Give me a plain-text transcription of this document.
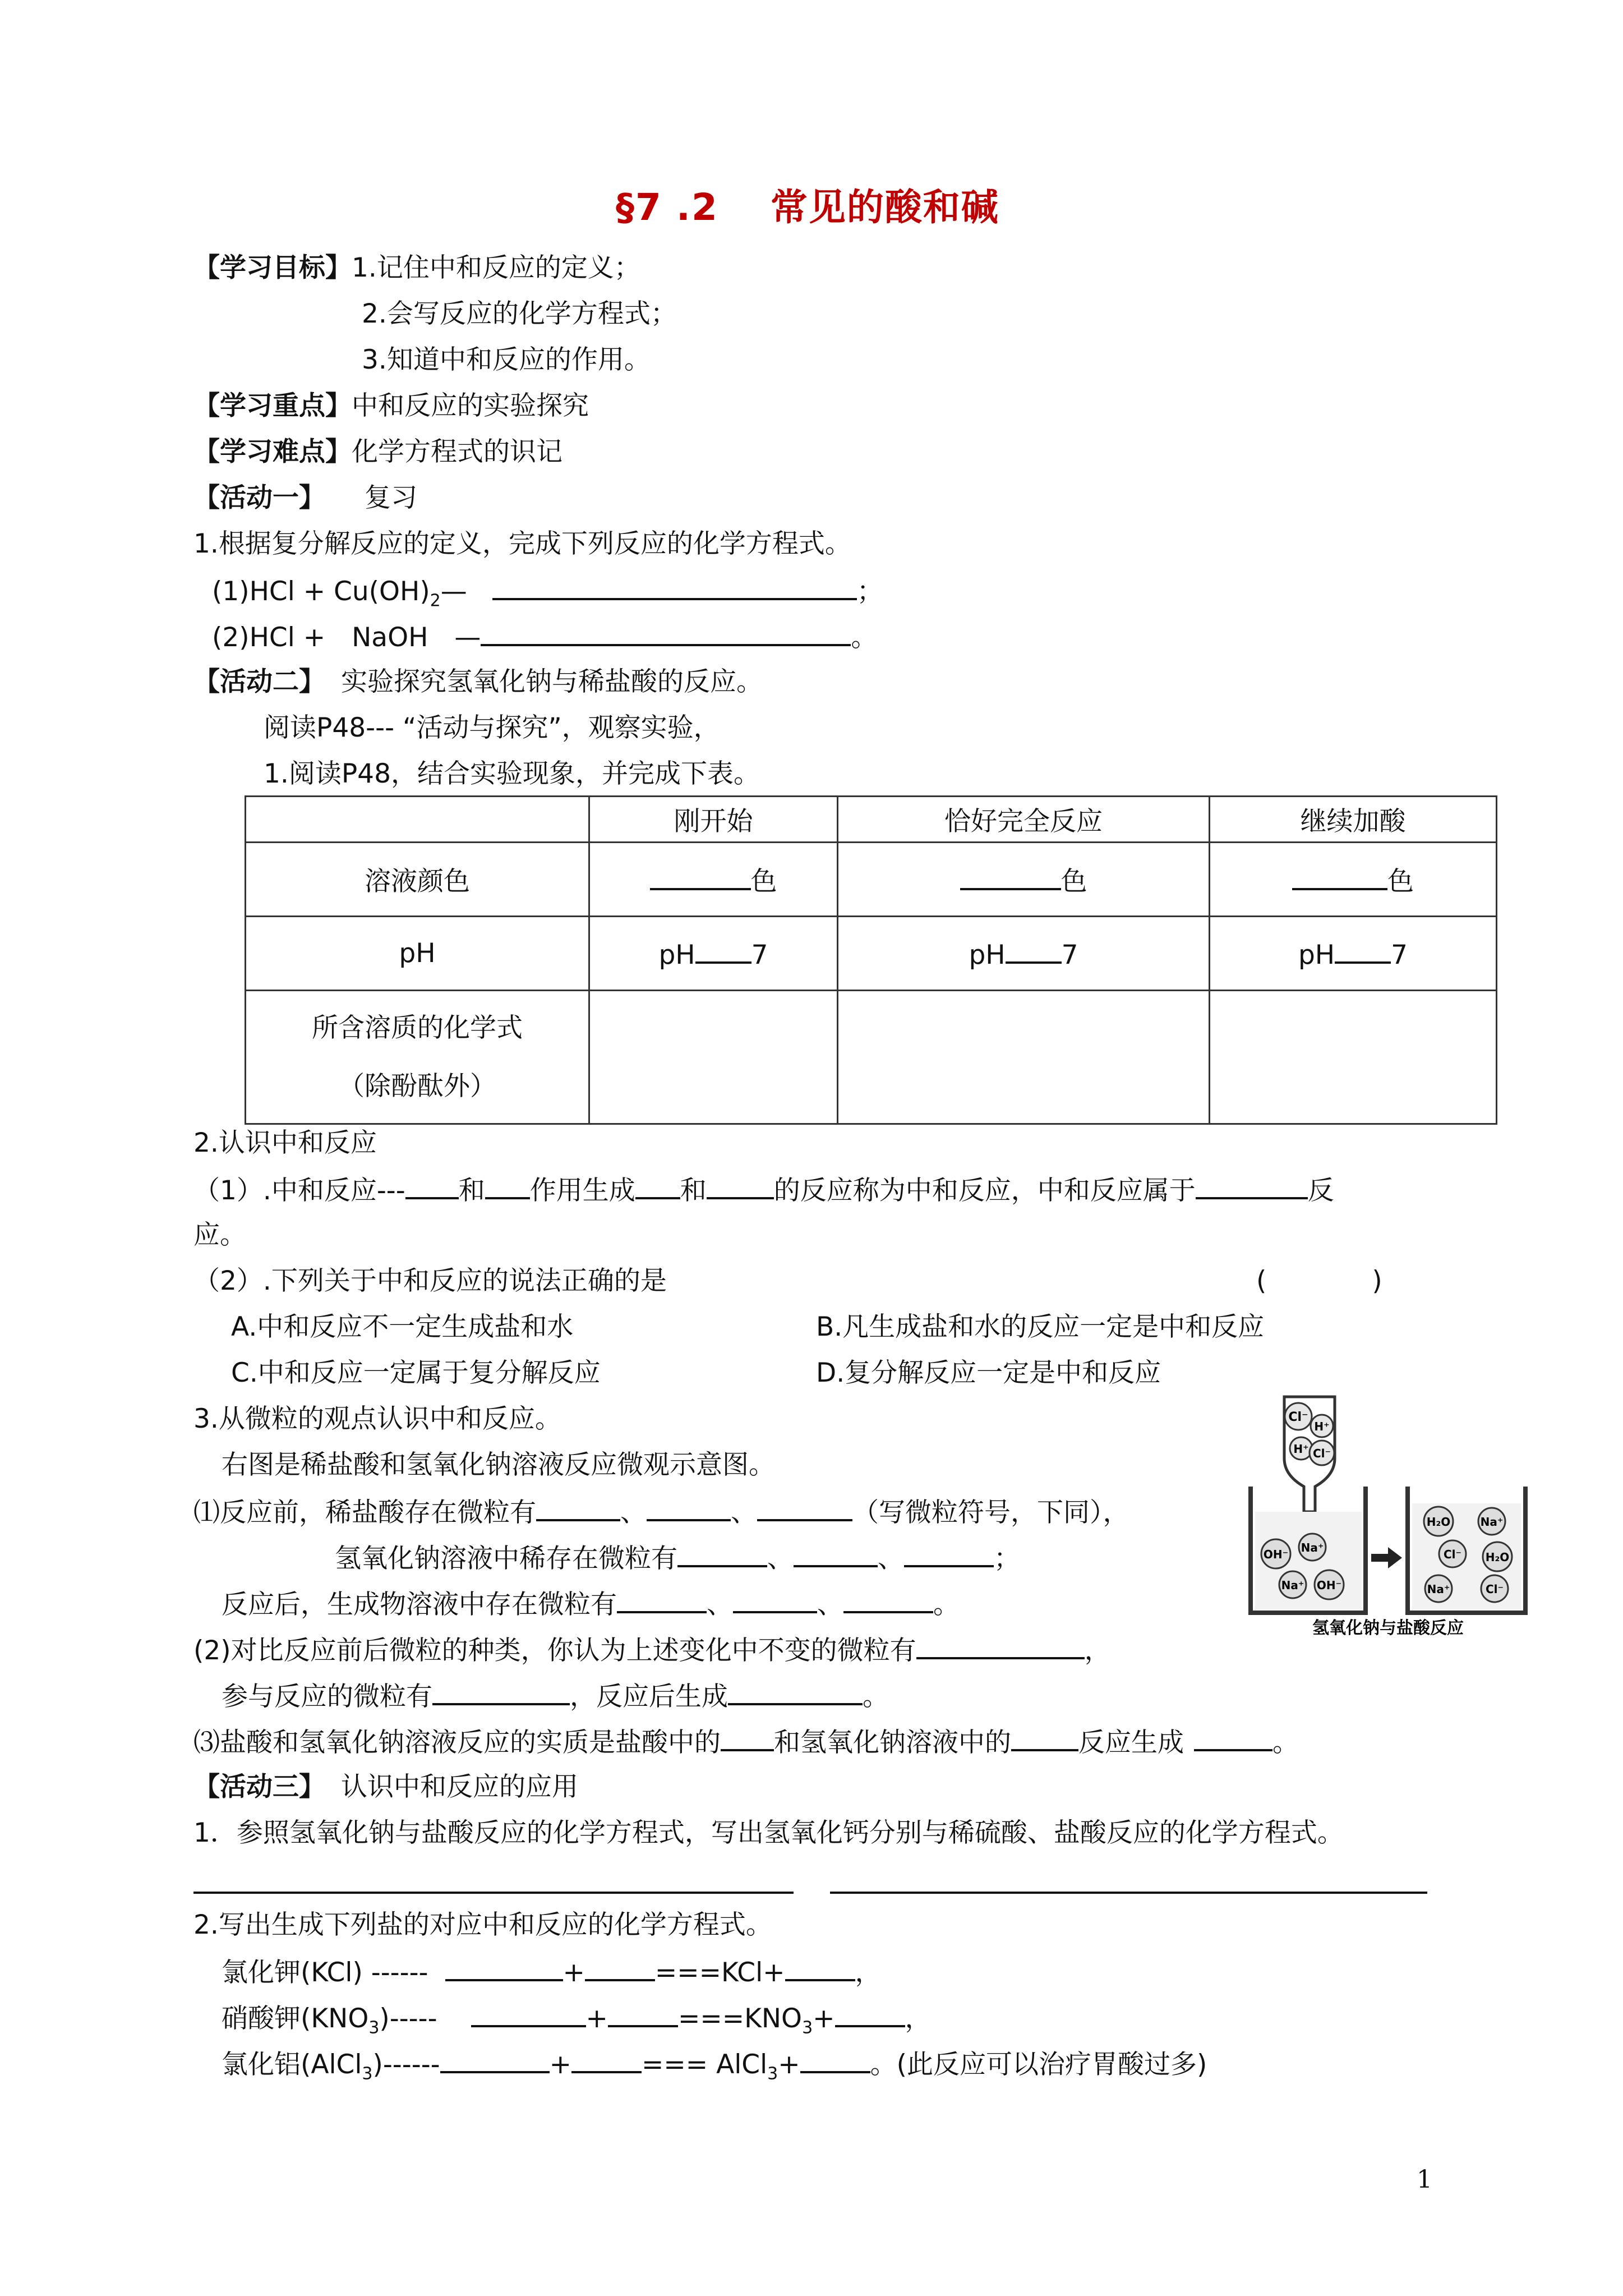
§7 .2　 常见的酸和碱
【学习目标】1.记住中和反应的定义；
2.会写反应的化学方程式；
3.知道中和反应的作用。
【学习重点】中和反应的实验探究
【学习难点】化学方程式的识记
【活动一】 复习
1.根据复分解反应的定义，完成下列反应的化学方程式。
$(1)HCl + Cu(OH)_2—$	；
(2)HCl +　NaOH　—	。
【活动二】 实验探究氢氧化钠与稀盐酸的反应。
阅读P48--- “活动与探究”，观察实验，
1.阅读P48，结合实验现象，并完成下表。
	刚开始	恰好完全反应	继续加酸
溶液颜色	色	色	色
pH	pH 7	pH 7	pH 7
所含溶质的化学式
（除酚酞外）			
2.认识中和反应
（1）.中和反应--- 和 作用生成 和	的反应称为中和反应，中和反应属于	反
应。
（2）.下列关于中和反应的说法正确的是	(　　　　)
A.中和反应不一定生成盐和水	B.凡生成盐和水的反应一定是中和反应
C.中和反应一定属于复分解反应	D.复分解反应一定是中和反应
3.从微粒的观点认识中和反应。
右图是稀盐酸和氢氧化钠溶液反应微观示意图。
⑴反应前，稀盐酸存在微粒有	、	、	（写微粒符号，下同），
氢氧化钠溶液中稀存在微粒有	、	、	；
反应后，生成物溶液中存在微粒有	、	、	。
(2)对比反应前后微粒的种类，你认为上述变化中不变的微粒有	，
参与反应的微粒有	，反应后生成	。
⑶盐酸和氢氧化钠溶液反应的实质是盐酸中的 和氢氧化钠溶液中的	反应生成	。
Cl⁻
H⁺
H⁺ Cl⁻
OH⁻ Na⁺
Na⁺ OH⁻
H₂O	Na⁺
Cl⁻ H₂O
Na⁺	Cl⁻
氢氧化钠与盐酸反应
【活动三】 认识中和反应的应用
1．参照氢氧化钠与盐酸反应的化学方程式，写出氢氧化钙分别与稀硫酸、盐酸反应的化学方程式。
2.写出生成下列盐的对应中和反应的化学方程式。
氯化钾(KCl) ------	+	===KCl+	，
硝酸钾$(KNO_3)-----$	+	$===KNO_3+$	，
氯化铝(AlCl$_3$)------	+	=== AlCl$_3$+	。(此反应可以治疗胃酸过多)
1
